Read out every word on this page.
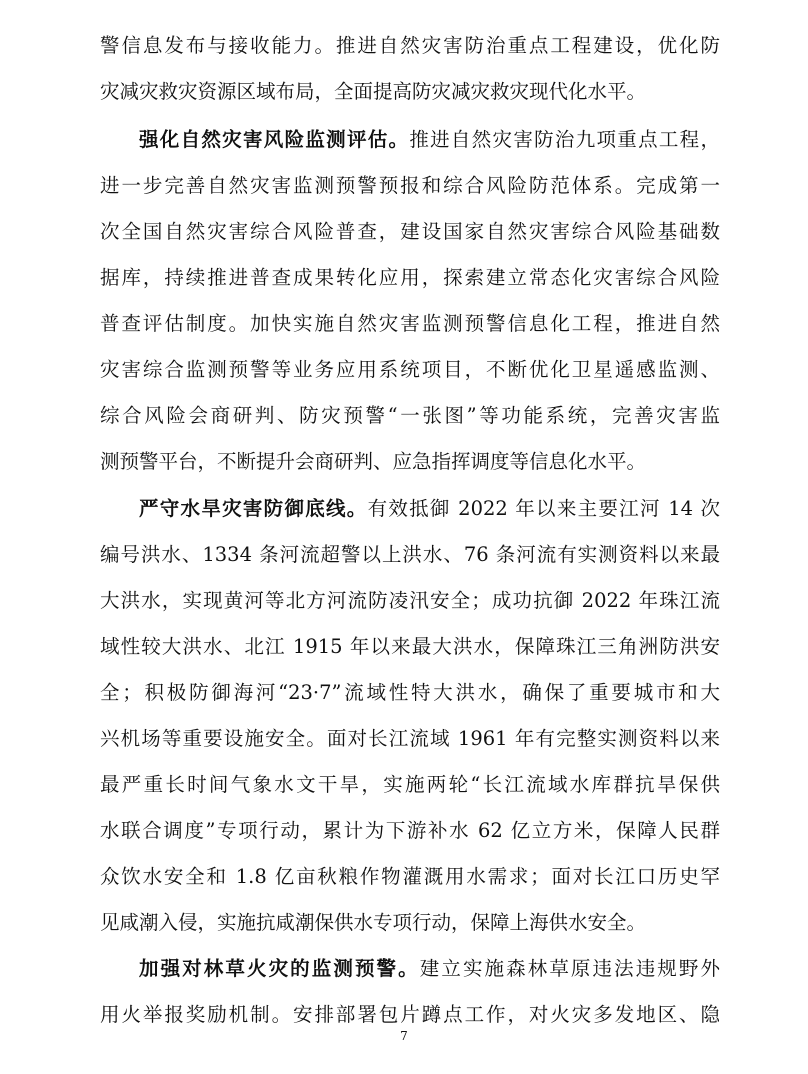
警信息发布与接收能力。推进自然灾害防治重点工程建设，优化防
灾减灾救灾资源区域布局，全面提高防灾减灾救灾现代化水平。
强化自然灾害风险监测评估。推进自然灾害防治九项重点工程，
进一步完善自然灾害监测预警预报和综合风险防范体系。完成第一
次全国自然灾害综合风险普查，建设国家自然灾害综合风险基础数
据库，持续推进普查成果转化应用，探索建立常态化灾害综合风险
普查评估制度。加快实施自然灾害监测预警信息化工程，推进自然
灾害综合监测预警等业务应用系统项目，不断优化卫星遥感监测、
综合风险会商研判、防灾预警“一张图”等功能系统，完善灾害监
测预警平台，不断提升会商研判、应急指挥调度等信息化水平。
严守水旱灾害防御底线。有效抵御 2022 年以来主要江河 14 次
编号洪水、1334 条河流超警以上洪水、76 条河流有实测资料以来最
大洪水，实现黄河等北方河流防凌汛安全；成功抗御 2022 年珠江流
域性较大洪水、北江 1915 年以来最大洪水，保障珠江三角洲防洪安
全；积极防御海河“23·7”流域性特大洪水，确保了重要城市和大
兴机场等重要设施安全。面对长江流域 1961 年有完整实测资料以来
最严重长时间气象水文干旱，实施两轮“长江流域水库群抗旱保供
水联合调度”专项行动，累计为下游补水 62 亿立方米，保障人民群
众饮水安全和 1.8 亿亩秋粮作物灌溉用水需求；面对长江口历史罕
见咸潮入侵，实施抗咸潮保供水专项行动，保障上海供水安全。
加强对林草火灾的监测预警。建立实施森林草原违法违规野外
用火举报奖励机制。安排部署包片蹲点工作，对火灾多发地区、隐
7
